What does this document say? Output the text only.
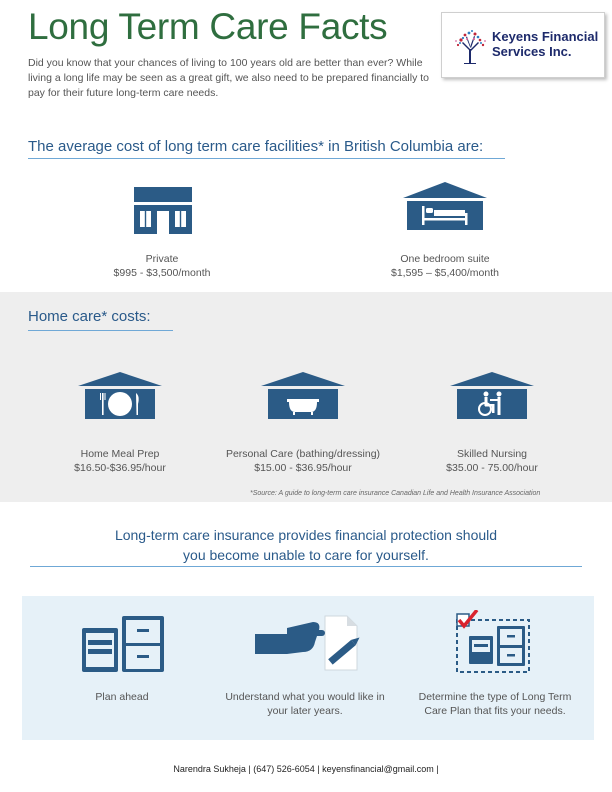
Long Term Care Facts
Did you know that your chances of living to 100 years old are better than ever? While living a long life may be seen as a great gift, we also need to be prepared financially to pay for their future long-term care needs.
Keyens Financial
Services Inc.
The average cost of long term care facilities* in British Columbia are:
Private
$995 - $3,500/month
One bedroom suite
$1,595 – $5,400/month
Home care* costs:
Home Meal Prep
$16.50-$36.95/hour
Personal Care (bathing/dressing)
$15.00 - $36.95/hour
Skilled Nursing
$35.00 - 75.00/hour
*Source: A guide to long-term care insurance Canadian Life and Health Insurance Association
Long-term care insurance provides financial protection should
you become unable to care for yourself.
Plan ahead	Understand what you would like in your later years.
Determine the type of Long Term Care Plan that fits your needs.
Narendra Sukheja | (647) 526-6054 | keyensfinancial@gmail.com |
